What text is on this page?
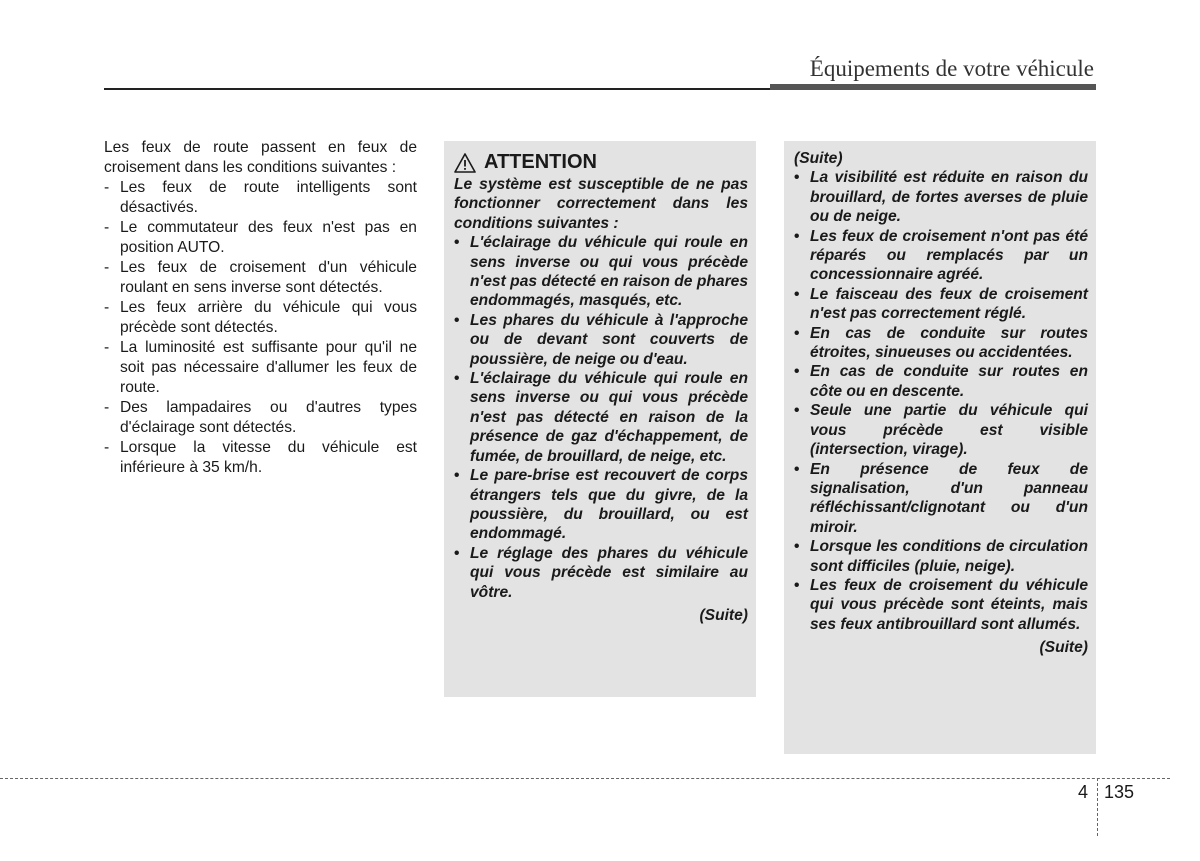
Équipements de votre véhicule

Les feux de route passent en feux de croisement dans les conditions suivantes :

- Les feux de route intelligents sont désactivés.
- Le commutateur des feux n'est pas en position AUTO.
- Les feux de croisement d'un véhicule roulant en sens inverse sont détectés.
- Les feux arrière du véhicule qui vous précède sont détectés.
- La luminosité est suffisante pour qu'il ne soit pas nécessaire d'allumer les feux de route.
- Des lampadaires ou d'autres types d'éclairage sont détectés.
- Lorsque la vitesse du véhicule est inférieure à 35 km/h.
ATTENTION

Le système est susceptible de ne pas fonctionner correctement dans les conditions suivantes :

• L'éclairage du véhicule qui roule en sens inverse ou qui vous précède n'est pas détecté en raison de phares endommagés, masqués, etc.
• Les phares du véhicule à l'approche ou de devant sont couverts de poussière, de neige ou d'eau.
• L'éclairage du véhicule qui roule en sens inverse ou qui vous précède n'est pas détecté en raison de la présence de gaz d'échappement, de fumée, de brouillard, de neige, etc.
• Le pare-brise est recouvert de corps étrangers tels que du givre, de la poussière, du brouillard, ou est endommagé.
• Le réglage des phares du véhicule qui vous précède est similaire au vôtre.

(Suite)

(Suite)

• La visibilité est réduite en raison du brouillard, de fortes averses de pluie ou de neige.
• Les feux de croisement n'ont pas été réparés ou remplacés par un concessionnaire agréé.
• Le faisceau des feux de croisement n'est pas correctement réglé.
• En cas de conduite sur routes étroites, sinueuses ou accidentées.
• En cas de conduite sur routes en côte ou en descente.
• Seule une partie du véhicule qui vous précède est visible (intersection, virage).
• En présence de feux de signalisation, d'un panneau réfléchissant/clignotant ou d'un miroir.
• Lorsque les conditions de circulation sont difficiles (pluie, neige).
• Les feux de croisement du véhicule qui vous précède sont éteints, mais ses feux antibrouillard sont allumés.

(Suite)

4 135
